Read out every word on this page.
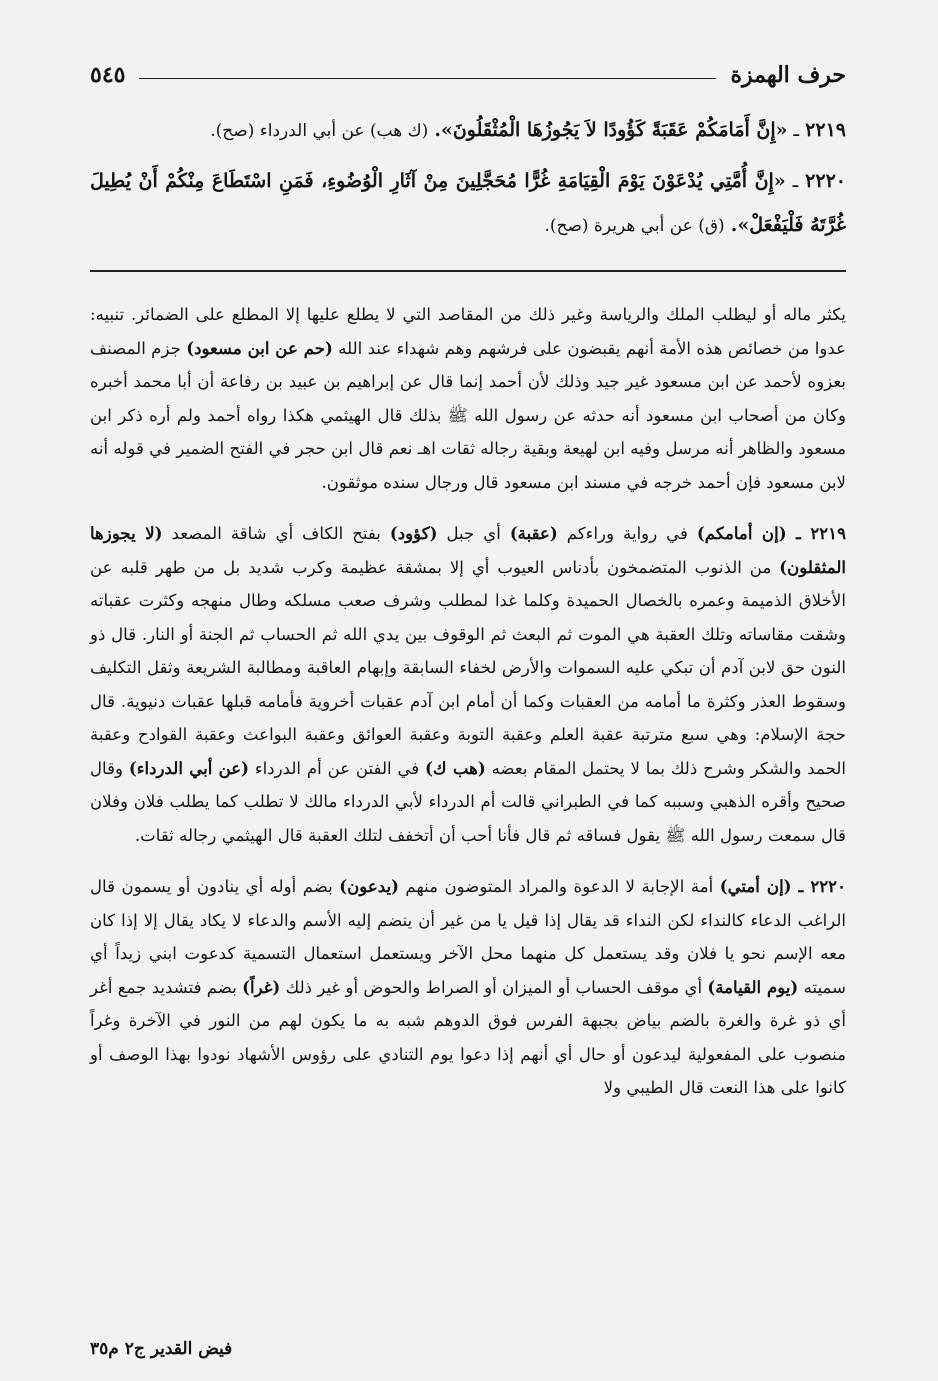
حرف الهمزة
٥٤٥
٢٢١٩ ـ «إِنَّ أَمَامَكُمْ عَقَبَةً كَؤُودًا لاَ يَجُوزُهَا الْمُثْقَلُونَ». (ك هب) عن أبي الدرداء (صح).
٢٢٢٠ ـ «إِنَّ أُمَّتِي يُدْعَوْنَ يَوْمَ الْقِيَامَةِ غُرًّا مُحَجَّلِينَ مِنْ آثَارِ الْوُضُوءِ، فَمَنِ اسْتَطَاعَ مِنْكُمْ أَنْ يُطِيلَ غُرَّتَهُ فَلْيَفْعَلْ». (ق) عن أبي هريرة (صح).

يكثر ماله أو ليطلب الملك والرياسة وغير ذلك من المقاصد التي لا يطلع عليها إلا المطلع على الضمائر. تنبيه: عدوا من خصائص هذه الأمة أنهم يقبضون على فرشهم وهم شهداء عند الله (حم عن ابن مسعود) جزم المصنف بعزوه لأحمد عن ابن مسعود غير جيد وذلك لأن أحمد إنما قال عن إبراهيم بن عبيد بن رفاعة أن أبا محمد أخبره وكان من أصحاب ابن مسعود أنه حدثه عن رسول الله ﷺ بذلك قال الهيثمي هكذا رواه أحمد ولم أره ذكر ابن مسعود والظاهر أنه مرسل وفيه ابن لهيعة وبقية رجاله ثقات اهـ نعم قال ابن حجر في الفتح الضمير في قوله أنه لابن مسعود فإن أحمد خرجه في مسند ابن مسعود قال ورجال سنده موثقون.

٢٢١٩ ـ (إن أمامكم) في رواية وراءكم (عقبة) أي جبل (كؤود) بفتح الكاف أي شاقة المصعد (لا يجوزها المثقلون) من الذنوب المتضمخون بأدناس العيوب أي إلا بمشقة عظيمة وكرب شديد بل من طهر قلبه عن الأخلاق الذميمة وعمره بالخصال الحميدة وكلما غدا لمطلب وشرف صعب مسلكه وطال منهجه وكثرت عقباته وشقت مقاساته وتلك العقبة هي الموت ثم البعث ثم الوقوف بين يدي الله ثم الحساب ثم الجنة أو النار. قال ذو النون حق لابن آدم أن تبكي عليه السموات والأرض لخفاء السابقة وإبهام العاقبة ومطالبة الشريعة وثقل التكليف وسقوط العذر وكثرة ما أمامه من العقبات وكما أن أمام ابن آدم عقبات أخروية فأمامه قبلها عقبات دنيوية. قال حجة الإسلام: وهي سبع مترتبة عقبة العلم وعقبة التوبة وعقبة العوائق وعقبة البواعث وعقبة القوادح وعقبة الحمد والشكر وشرح ذلك بما لا يحتمل المقام بعضه (هب ك) في الفتن عن أم الدرداء (عن أبي الدرداء) وقال صحيح وأقره الذهبي وسببه كما في الطبراني قالت أم الدرداء لأبي الدرداء مالك لا تطلب كما يطلب فلان وفلان قال سمعت رسول الله ﷺ يقول فساقه ثم قال فأنا أحب أن أتخفف لتلك العقبة قال الهيثمي رجاله ثقات.

٢٢٢٠ ـ (إن أمتي) أمة الإجابة لا الدعوة والمراد المتوضون منهم (يدعون) بضم أوله أي ينادون أو يسمون قال الراغب الدعاء كالنداء لكن النداء قد يقال إذا قيل يا من غير أن ينضم إليه الأسم والدعاء لا يكاد يقال إلا إذا كان معه الإسم نحو يا فلان وقد يستعمل كل منهما محل الآخر ويستعمل استعمال التسمية كدعوت ابني زيداً أي سميته (يوم القيامة) أي موقف الحساب أو الميزان أو الصراط والحوض أو غير ذلك (غراً) بضم فتشديد جمع أغر أي ذو غرة والغرة بالضم بياض بجبهة الفرس فوق الدوهم شبه به ما يكون لهم من النور في الآخرة وغراً منصوب على المفعولية ليدعون أو حال أي أنهم إذا دعوا يوم التنادي على رؤوس الأشهاد نودوا بهذا الوصف أو كانوا على هذا النعت قال الطيبي ولا

فيض القدير ج٢ م٣٥
